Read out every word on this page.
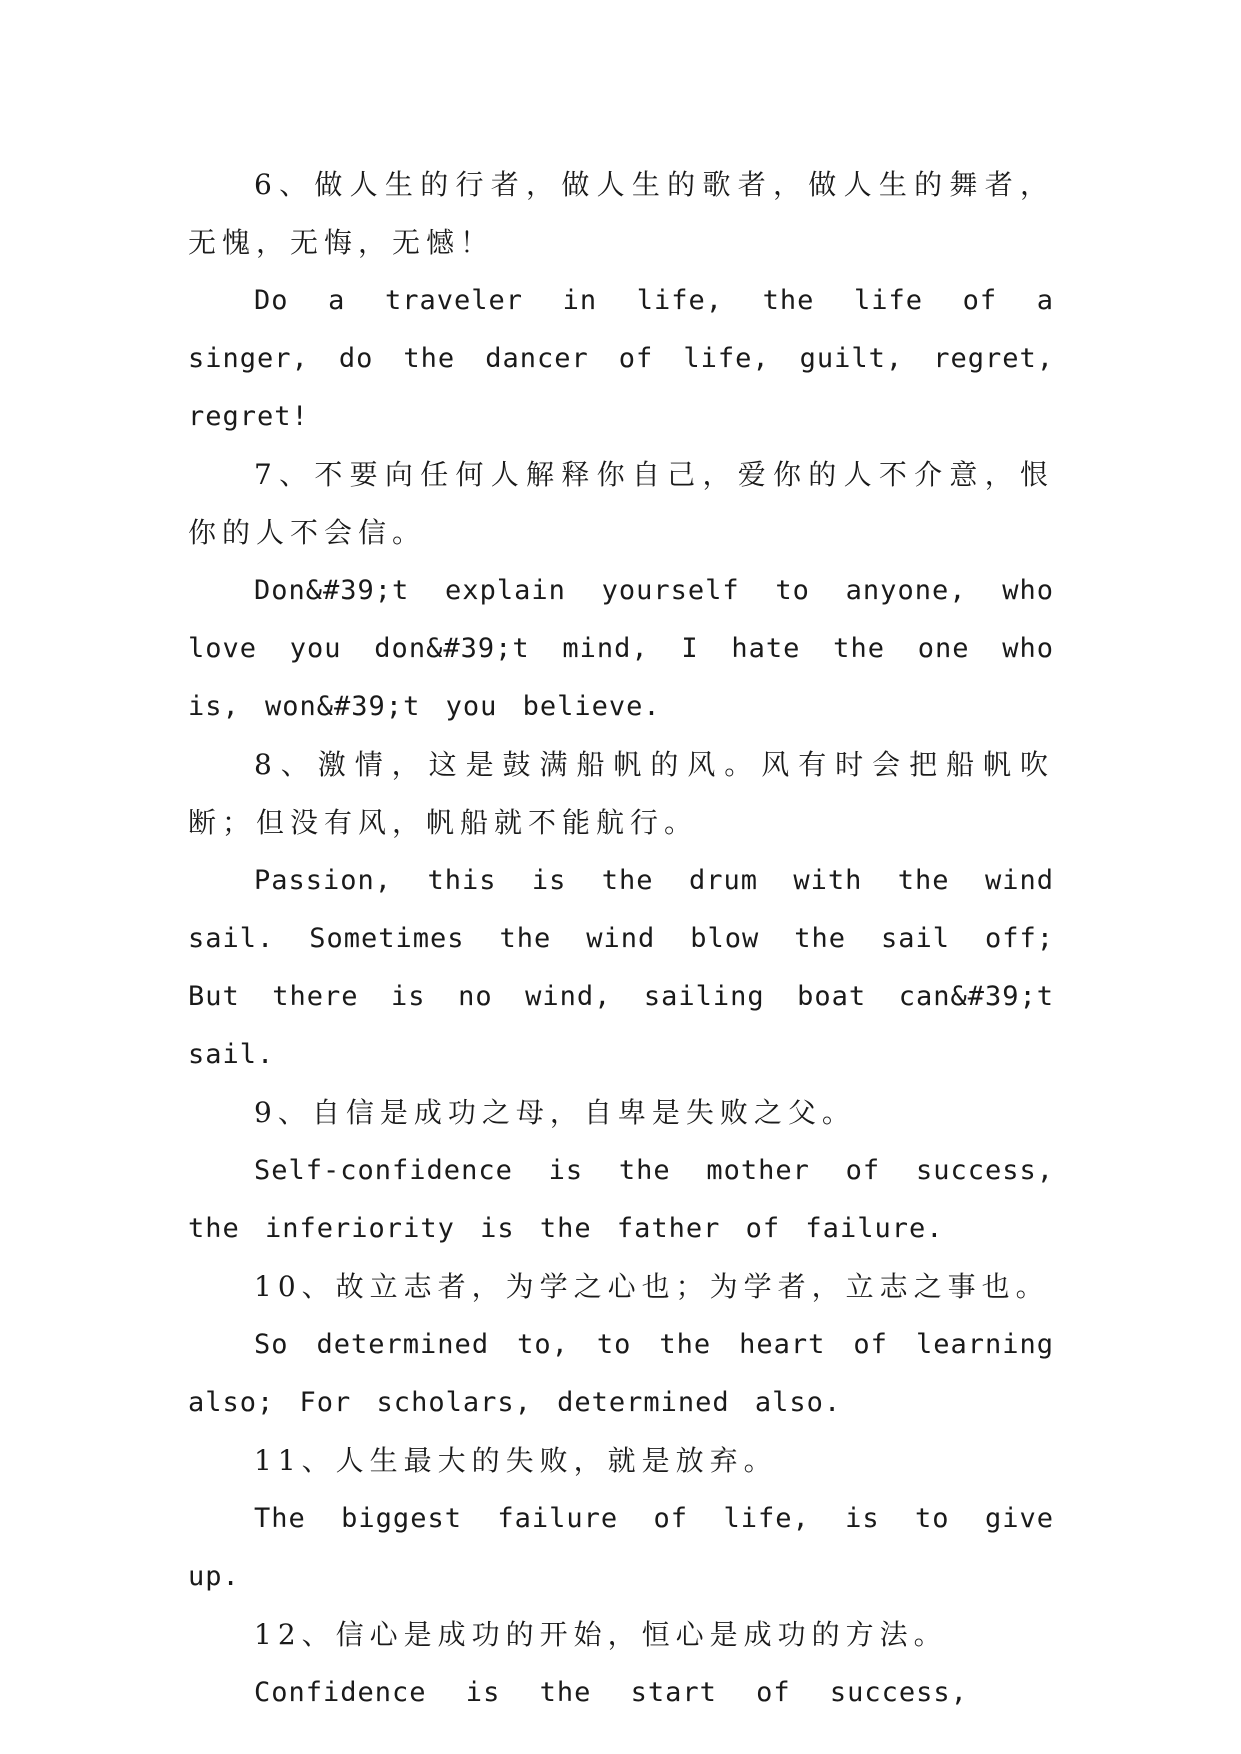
6、做人生的行者，做人生的歌者，做人生的舞者，无愧，无悔，无憾！

Do a traveler in life, the life of a singer, do the dancer of life, guilt, regret, regret!

7、不要向任何人解释你自己，爱你的人不介意，恨你的人不会信。

Don&#39;t explain yourself to anyone, who love you don&#39;t mind, I hate the one who is, won&#39;t you believe.

8、激情，这是鼓满船帆的风。风有时会把船帆吹断；但没有风，帆船就不能航行。

Passion, this is the drum with the wind sail. Sometimes the wind blow the sail off; But there is no wind, sailing boat can&#39;t sail.

9、自信是成功之母，自卑是失败之父。

Self-confidence is the mother of success, the inferiority is the father of failure.

10、故立志者，为学之心也；为学者，立志之事也。

So determined to, to the heart of learning also; For scholars, determined also.

11、人生最大的失败，就是放弃。

The biggest failure of life, is to give up.

12、信心是成功的开始，恒心是成功的方法。

Confidence is the start of success,
